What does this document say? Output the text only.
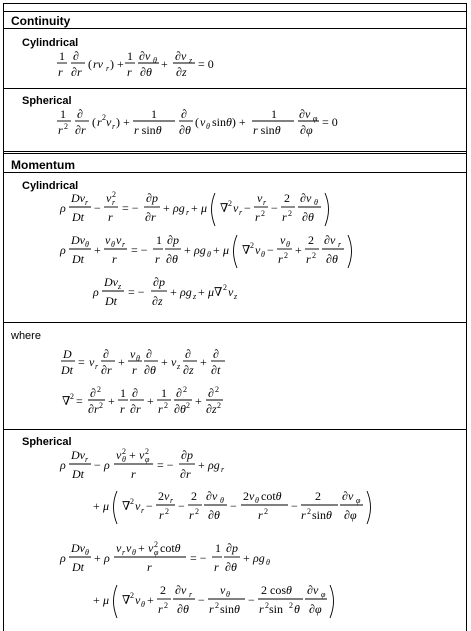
Continuity
Cylindrical
1
r
∂
∂r
( rv r ) +
1
r
∂v θ
∂θ
+
∂v z
∂z
= 0
Spherical
1
r 2
∂
∂r
( r 2 v r ) +
1
r sinθ
∂
∂θ
( v θ sinθ) +
1
r sinθ
∂v φ
∂φ
= 0
Momentum
Cylindrical
ρ
Dv r
Dt
−
v r
2
r
= −
∂p
∂r
+ ρg r + μ ∇ 2 v r −
v r
r 2 −
2
r 2
∂v θ
∂θ
ρ
Dv θ
Dt
+
v θ v r
r
= −
1
r
∂p
∂θ
+ ρg θ + μ ∇ 2 v θ −
v θ
r 2 +
2
r 2
∂v r
∂θ
ρ
Dv z
Dt
= −
∂p
∂z
+ ρg z + μ∇ 2 v z
where
D
Dt
= v r
∂
∂r
+
v θ
r
∂
∂θ
+ v z
∂
∂z
+
∂
∂t
∇ 2 =
∂ 2
∂r 2 +
1
r
∂
∂r
+
1
r 2
∂ 2
∂θ 2 +
∂ 2
∂z 2
Spherical
ρ
Dv r
Dt
− ρ
v θ
2 + v φ
2
r
= −
∂p
∂r
+ ρg r
+ μ ∇ 2 v r −
2v r
r 2 −
2
r 2
∂v θ
∂θ
−
2v θ cotθ
r 2 −
2
r 2 sinθ
∂v φ
∂φ
ρ
Dv θ
Dt
+ ρ
v r v θ + v φ
2 cotθ
r
= −
1
r
∂p
∂θ
+ ρg θ
+ μ ∇ 2 v θ +
2
r 2
∂v r
∂θ
−
v θ
r 2 sinθ
−
2 cosθ
r 2 sin 2 θ
∂v φ
∂φ
